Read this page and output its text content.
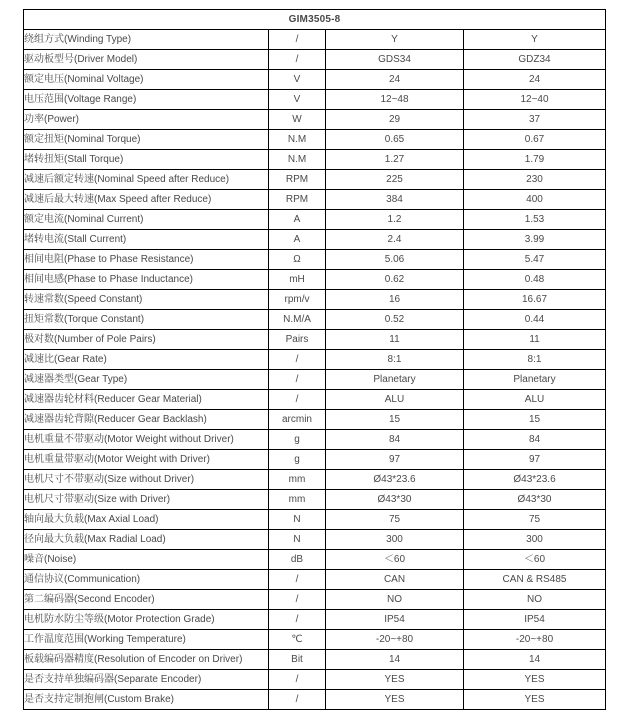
GIM3505-8			
绕组方式(Winding Type)	/	Y	Y
驱动板型号(Driver Model)	/	GDS34	GDZ34
额定电压(Nominal Voltage)	V	24	24
电压范围(Voltage Range)	V	12~48	12~40
功率(Power)	W	29	37
额定扭矩(Nominal Torque)	N.M	0.65	0.67
堵转扭矩(Stall Torque)	N.M	1.27	1.79
减速后额定转速(Nominal Speed after Reduce)	RPM	225	230
减速后最大转速(Max Speed after Reduce)	RPM	384	400
额定电流(Nominal Current)	A	1.2	1.53
堵转电流(Stall Current)	A	2.4	3.99
相间电阻(Phase to Phase Resistance)	Ω	5.06	5.47
相间电感(Phase to Phase Inductance)	mH	0.62	0.48
转速常数(Speed Constant)	rpm/v	16	16.67
扭矩常数(Torque Constant)	N.M/A	0.52	0.44
极对数(Number of Pole Pairs)	Pairs	11	11
减速比(Gear Rate)	/	8:1	8:1
减速器类型(Gear Type)	/	Planetary	Planetary
减速器齿轮材料(Reducer Gear Material)	/	ALU	ALU
减速器齿轮背隙(Reducer Gear Backlash)	arcmin	15	15
电机重量不带驱动(Motor Weight without Driver)	g	84	84
电机重量带驱动(Motor Weight with Driver)	g	97	97
电机尺寸不带驱动(Size without Driver)	mm	Ø43*23.6	Ø43*23.6
电机尺寸带驱动(Size with Driver)	mm	Ø43*30	Ø43*30
轴向最大负载(Max Axial Load)	N	75	75
径向最大负载(Max Radial Load)	N	300	300
噪音(Noise)	dB	＜60	＜60
通信协议(Communication)	/	CAN	CAN & RS485
第二编码器(Second Encoder)	/	NO	NO
电机防水防尘等级(Motor Protection Grade)	/	IP54	IP54
工作温度范围(Working Temperature)	℃	-20~+80	-20~+80
板载编码器精度(Resolution of Encoder on Driver)	Bit	14	14
是否支持单独编码器(Separate Encoder)	/	YES	YES
是否支持定制抱闸(Custom Brake)	/	YES	YES
